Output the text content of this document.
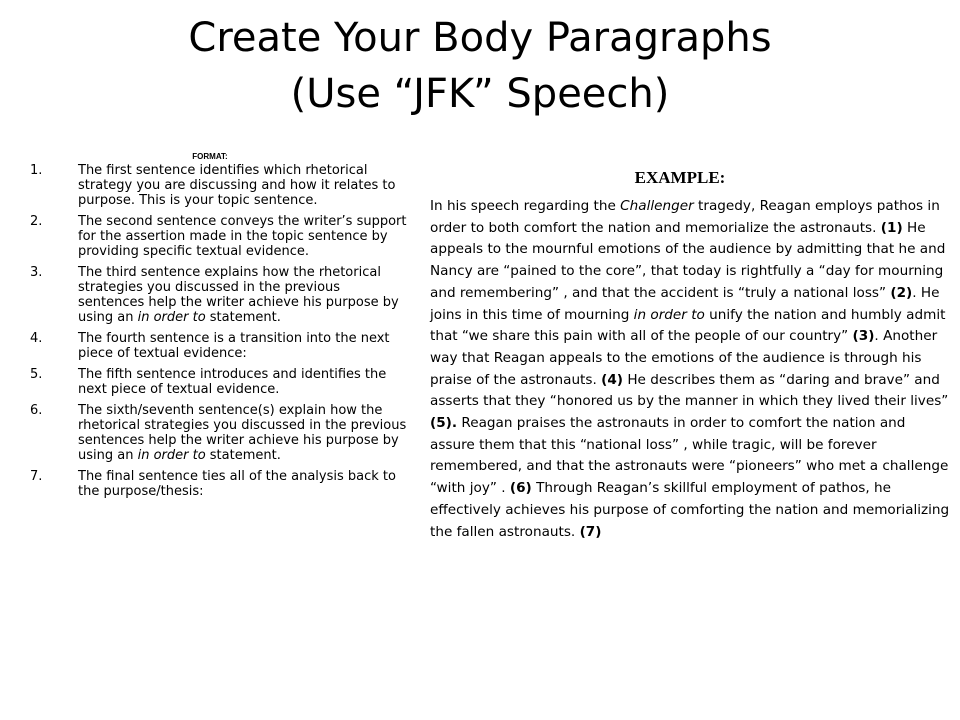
Create Your Body Paragraphs
(Use “JFK” Speech)
FORMAT:
1.	The first sentence identifies which rhetorical strategy you are discussing and how it relates to purpose. This is your topic sentence.
2.	The second sentence conveys the writer’s support for the assertion made in the topic sentence by providing specific textual evidence.
3.	The third sentence explains how the rhetorical strategies you discussed in the previous sentences help the writer achieve his purpose by using an in order to statement.
4.	The fourth sentence is a transition into the next piece of textual evidence:
5.	The fifth sentence introduces and identifies the next piece of textual evidence.
6.	The sixth/seventh sentence(s) explain how the rhetorical strategies you discussed in the previous sentences help the writer achieve his purpose by using an in order to statement.
7.	The final sentence ties all of the analysis back to the purpose/thesis:
EXAMPLE:

In his speech regarding the Challenger tragedy, Reagan employs pathos in order to both comfort the nation and memorialize the astronauts. (1) He appeals to the mournful emotions of the audience by admitting that he and Nancy are “pained to the core”, that today is rightfully a “day for mourning and remembering” , and that the accident is “truly a national loss” (2). He joins in this time of mourning in order to unify the nation and humbly admit that “we share this pain with all of the people of our country” (3). Another way that Reagan appeals to the emotions of the audience is through his praise of the astronauts. (4) He describes them as “daring and brave” and asserts that they “honored us by the manner in which they lived their lives” (5). Reagan praises the astronauts in order to comfort the nation and assure them that this “national loss” , while tragic, will be forever remembered, and that the astronauts were “pioneers” who met a challenge “with joy” . (6) Through Reagan’s skillful employment of pathos, he effectively achieves his purpose of comforting the nation and memorializing the fallen astronauts. (7)
